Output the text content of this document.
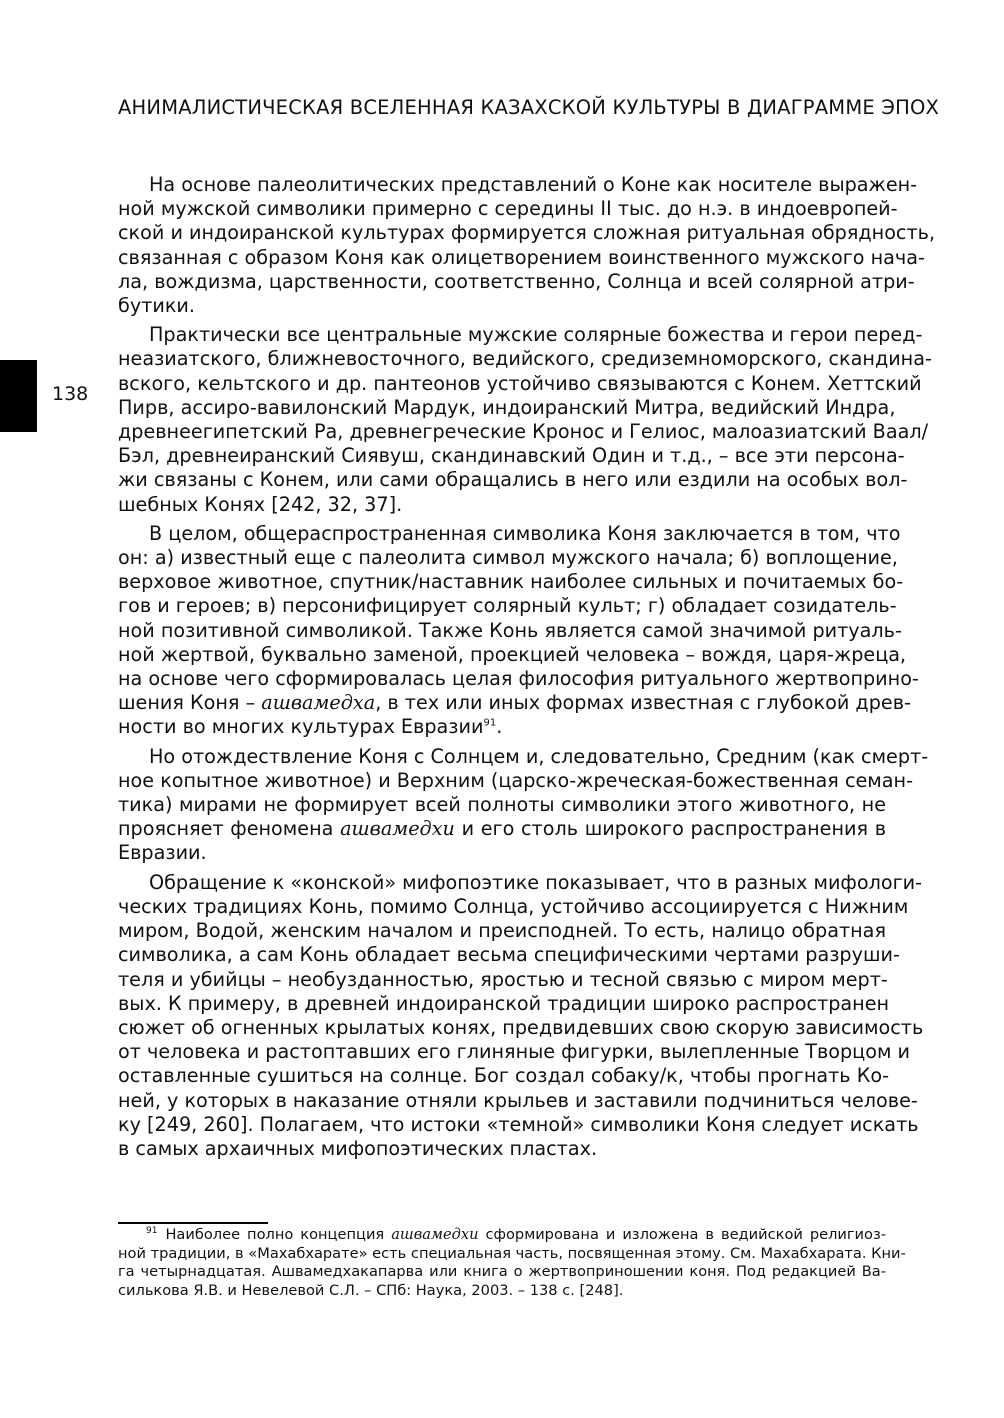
АНИМАЛИСТИЧЕСКАЯ ВСЕЛЕННАЯ КАЗАХСКОЙ КУЛЬТУРЫ В ДИАГРАММЕ ЭПОХ
138

На основе палеолитических представлений о Коне как носителе выражен-
ной мужской символики примерно с середины II тыс. до н.э. в индоевропей-
ской и индоиранской культурах формируется сложная ритуальная обрядность,
связанная с образом Коня как олицетворением воинственного мужского нача-
ла, вождизма, царственности, соответственно, Солнца и всей солярной атри-
бутики.

Практически все центральные мужские солярные божества и герои перед-
неазиатского, ближневосточного, ведийского, средиземноморского, скандина-
вского, кельтского и др. пантеонов устойчиво связываются с Конем. Хеттский
Пирв, ассиро-вавилонский Мардук, индоиранский Митра, ведийский Индра,
древнеегипетский Ра, древнегреческие Кронос и Гелиос, малоазиатский Ваал/
Бэл, древнеиранский Сиявуш, скандинавский Один и т.д., – все эти персона-
жи связаны с Конем, или сами обращались в него или ездили на особых вол-
шебных Конях [242, 32, 37].

В целом, общераспространенная символика Коня заключается в том, что
он: а) известный еще с палеолита символ мужского начала; б) воплощение,
верховое животное, спутник/наставник наиболее сильных и почитаемых бо-
гов и героев; в) персонифицирует солярный культ; г) обладает созидатель-
ной позитивной символикой. Также Конь является самой значимой ритуаль-
ной жертвой, буквально заменой, проекцией человека – вождя, царя-жреца,
на основе чего сформировалась целая философия ритуального жертвоприно-
шения Коня – ашвамедха, в тех или иных формах известная с глубокой древ-
ности во многих культурах Евразии$^{91}$.

Но отождествление Коня с Солнцем и, следовательно, Средним (как смерт-
ное копытное животное) и Верхним (царско-жреческая-божественная семан-
тика) мирами не формирует всей полноты символики этого животного, не
проясняет феномена ашвамедхи и его столь широкого распространения в
Евразии.

Обращение к «конской» мифопоэтике показывает, что в разных мифологи-
ческих традициях Конь, помимо Солнца, устойчиво ассоциируется с Нижним
миром, Водой, женским началом и преисподней. То есть, налицо обратная
символика, а сам Конь обладает весьма специфическими чертами разруши-
теля и убийцы – необузданностью, яростью и тесной связью с миром мерт-
вых. К примеру, в древней индоиранской традиции широко распространен
сюжет об огненных крылатых конях, предвидевших свою скорую зависимость
от человека и растоптавших его глиняные фигурки, вылепленные Творцом и
оставленные сушиться на солнце. Бог создал собаку/к, чтобы прогнать Ко-
ней, у которых в наказание отняли крыльев и заставили подчиниться челове-
ку [249, 260]. Полагаем, что истоки «темной» символики Коня следует искать
в самых архаичных мифопоэтических пластах.

$^{91}$ Наиболее полно концепция ашвамедхи сформирована и изложена в ведийской религиоз-
ной традиции, в «Махабхарате» есть специальная часть, посвященная этому. См. Махабхарата. Кни-
га четырнадцатая. Ашвамедхакапарва или книга о жертвоприношении коня. Под редакцией Ва-
силькова Я.В. и Невелевой С.Л. – СПб: Наука, 2003. – 138 с. [248].
